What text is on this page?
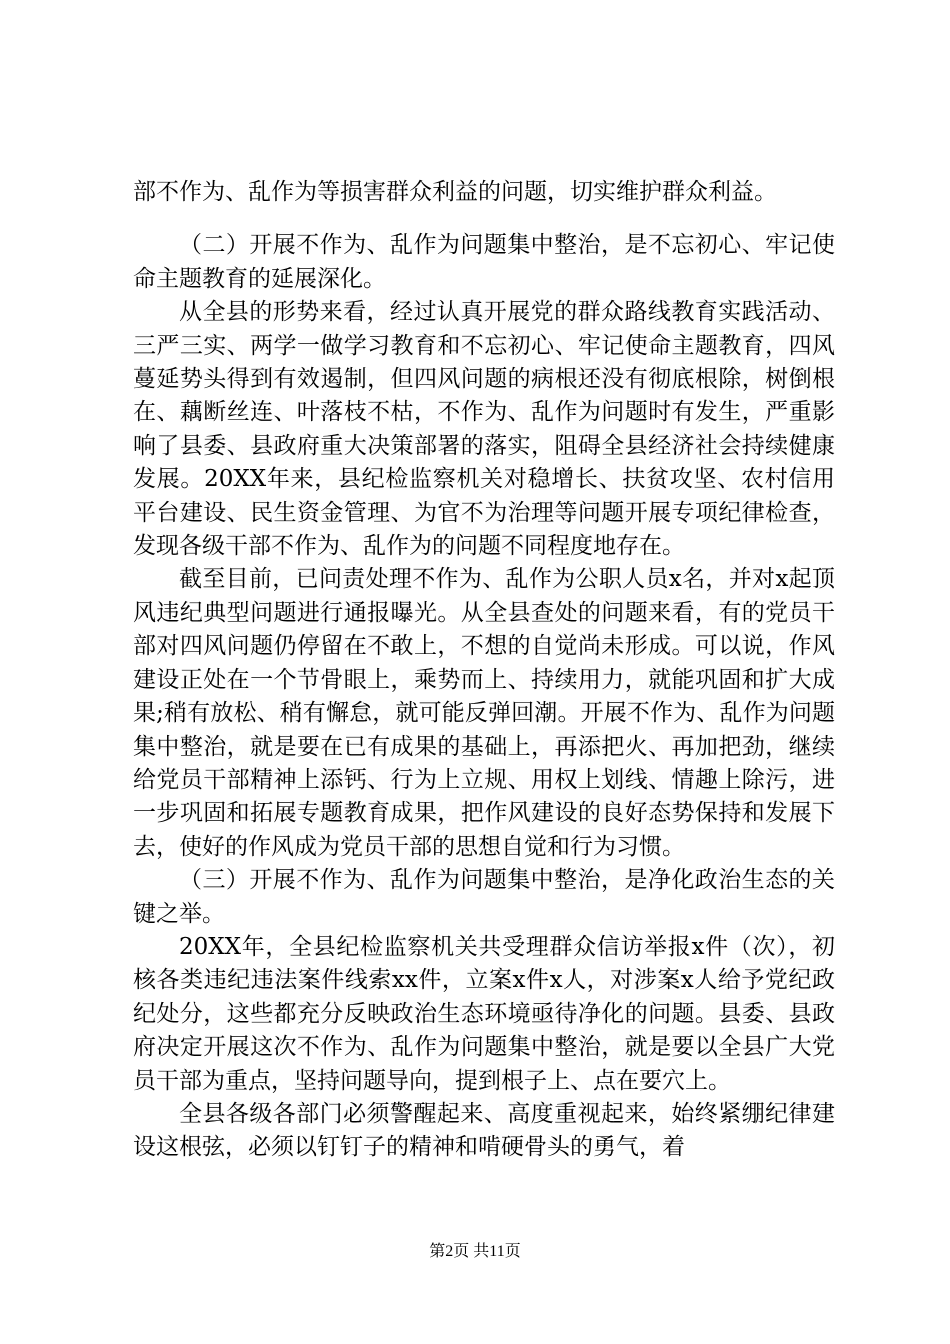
部不作为、乱作为等损害群众利益的问题，切实维护群众利益。

（二）开展不作为、乱作为问题集中整治，是不忘初心、牢记使命主题教育的延展深化。

从全县的形势来看，经过认真开展党的群众路线教育实践活动、三严三实、两学一做学习教育和不忘初心、牢记使命主题教育，四风蔓延势头得到有效遏制，但四风问题的病根还没有彻底根除，树倒根在、藕断丝连、叶落枝不枯，不作为、乱作为问题时有发生，严重影响了县委、县政府重大决策部署的落实，阻碍全县经济社会持续健康发展。20XX年来，县纪检监察机关对稳增长、扶贫攻坚、农村信用平台建设、民生资金管理、为官不为治理等问题开展专项纪律检查，发现各级干部不作为、乱作为的问题不同程度地存在。

截至目前，已问责处理不作为、乱作为公职人员x名，并对x起顶风违纪典型问题进行通报曝光。从全县查处的问题来看，有的党员干部对四风问题仍停留在不敢上，不想的自觉尚未形成。可以说，作风建设正处在一个节骨眼上，乘势而上、持续用力，就能巩固和扩大成果;稍有放松、稍有懈怠，就可能反弹回潮。开展不作为、乱作为问题集中整治，就是要在已有成果的基础上，再添把火、再加把劲，继续给党员干部精神上添钙、行为上立规、用权上划线、情趣上除污，进一步巩固和拓展专题教育成果，把作风建设的良好态势保持和发展下去，使好的作风成为党员干部的思想自觉和行为习惯。

（三）开展不作为、乱作为问题集中整治，是净化政治生态的关键之举。

20XX年，全县纪检监察机关共受理群众信访举报x件（次），初核各类违纪违法案件线索xx件，立案x件x人，对涉案x人给予党纪政纪处分，这些都充分反映政治生态环境亟待净化的问题。县委、县政府决定开展这次不作为、乱作为问题集中整治，就是要以全县广大党员干部为重点，坚持问题导向，提到根子上、点在要穴上。

全县各级各部门必须警醒起来、高度重视起来，始终紧绷纪律建设这根弦，必须以钉钉子的精神和啃硬骨头的勇气，着

第2页 共11页
